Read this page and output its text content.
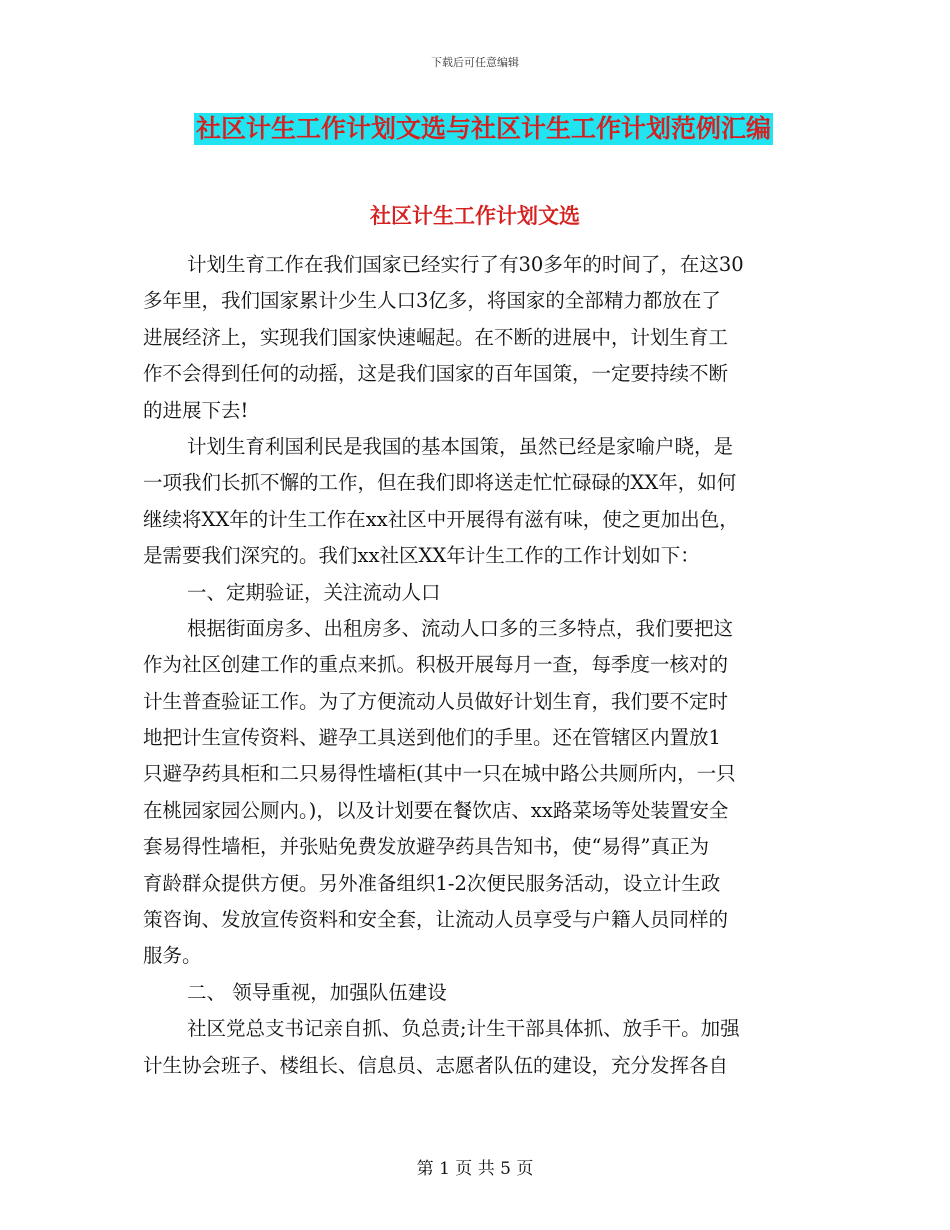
下载后可任意编辑
社区计生工作计划文选与社区计生工作计划范例汇编
社区计生工作计划文选
计划生育工作在我们国家已经实行了有30多年的时间了，在这30
多年里，我们国家累计少生人口3亿多，将国家的全部精力都放在了
进展经济上，实现我们国家快速崛起。在不断的进展中，计划生育工
作不会得到任何的动摇，这是我们国家的百年国策，一定要持续不断
的进展下去!
计划生育利国利民是我国的基本国策，虽然已经是家喻户晓，是
一项我们长抓不懈的工作，但在我们即将送走忙忙碌碌的XX年，如何
继续将XX年的计生工作在xx社区中开展得有滋有味，使之更加出色，
是需要我们深究的。我们xx社区XX年计生工作的工作计划如下：
一、定期验证，关注流动人口
根据街面房多、出租房多、流动人口多的三多特点，我们要把这
作为社区创建工作的重点来抓。积极开展每月一查，每季度一核对的
计生普查验证工作。为了方便流动人员做好计划生育，我们要不定时
地把计生宣传资料、避孕工具送到他们的手里。还在管辖区内置放1
只避孕药具柜和二只易得性墙柜(其中一只在城中路公共厕所内，一只
在桃园家园公厕内。)，以及计划要在餐饮店、xx路菜场等处装置安全
套易得性墙柜，并张贴免费发放避孕药具告知书，使“易得”真正为
育龄群众提供方便。另外准备组织1-2次便民服务活动，设立计生政
策咨询、发放宣传资料和安全套，让流动人员享受与户籍人员同样的
服务。
二、 领导重视，加强队伍建设
社区党总支书记亲自抓、负总责;计生干部具体抓、放手干。加强
计生协会班子、楼组长、信息员、志愿者队伍的建设，充分发挥各自
第 1 页 共 5 页
